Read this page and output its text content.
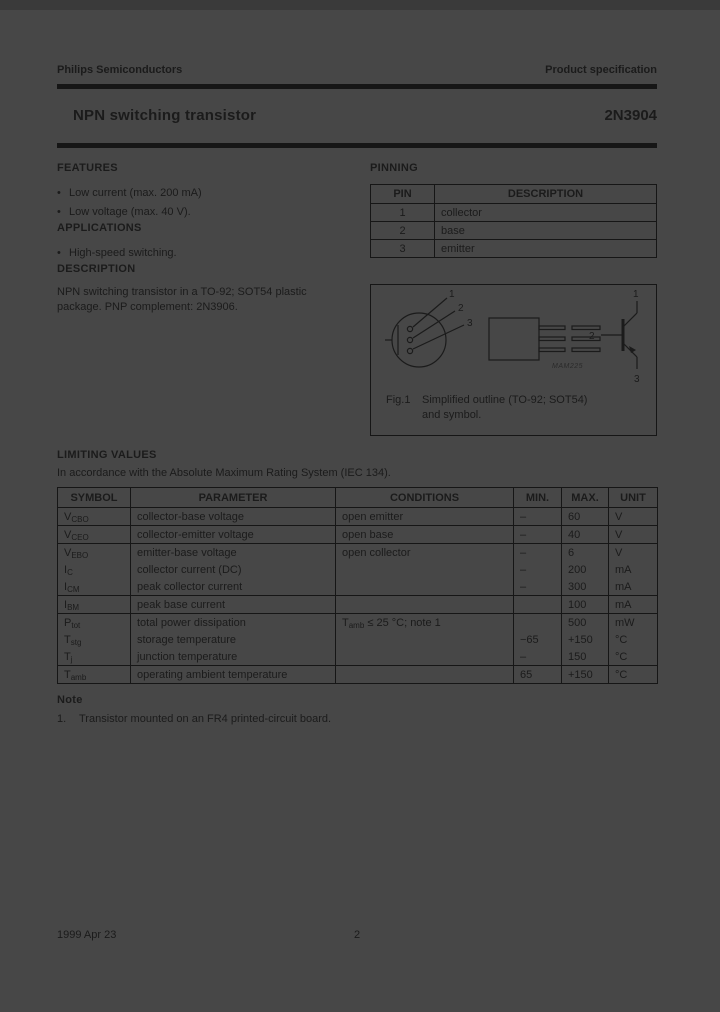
Philips Semiconductors	Product specification
NPN switching transistor	2N3904
FEATURES
• Low current (max. 200 mA)
• Low voltage (max. 40 V).
APPLICATIONS
• High-speed switching.
DESCRIPTION

NPN switching transistor in a TO-92; SOT54 plastic package. PNP complement: 2N3906.

PINNING
PIN	DESCRIPTION
1	collector
2	base
3	emitter
1
2
3
1
2
3
MAM225
Fig.1	Simplified outline (TO-92; SOT54) and symbol.
LIMITING VALUES

In accordance with the Absolute Maximum Rating System (IEC 134).

SYMBOL	PARAMETER	CONDITIONS	MIN.	MAX.	UNIT
$V_{CBO}$	collector-base voltage	open emitter	–	60	V
$V_{CEO}$	collector-emitter voltage	open base	–	40	V
$V_{EBO}$	emitter-base voltage	open collector	–	6	V
$I_C$	collector current (DC)		–	200	mA
$I_{CM}$	peak collector current		–	300	mA
$I_{BM}$	peak base current			100	mA
$P_{tot}$	total power dissipation	$T_{amb} \le 25$ °C; note 1		500	mW
$T_{stg}$	storage temperature		−65	+150	°C
$T_j$	junction temperature		–	150	°C
$T_{amb}$	operating ambient temperature		65	+150	°C
Note
1.	Transistor mounted on an FR4 printed-circuit board.
2
1999 Apr 23
